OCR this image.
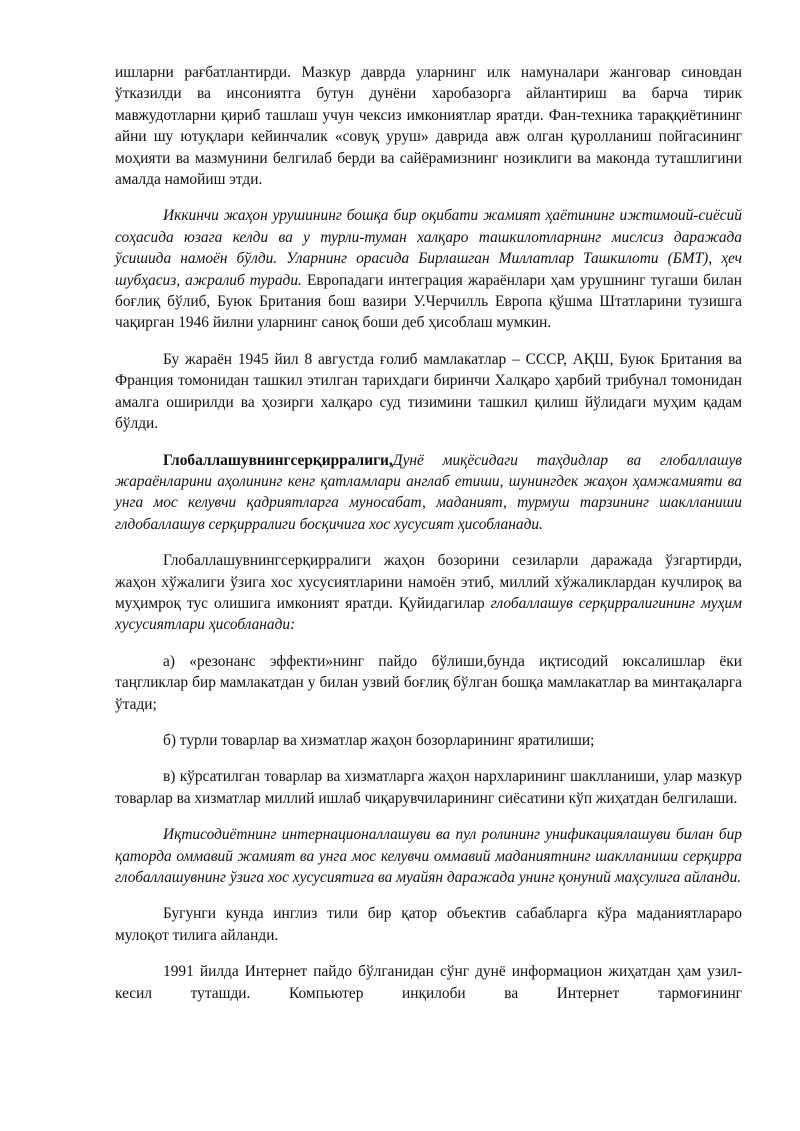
ишларни рағбатлантирди. Мазкур даврда уларнинг илк намуналари жанговар синовдан ўтказилди ва инсониятга бутун дунёни харобазорга айлантириш ва барча тирик мавжудотларни қириб ташлаш учун чексиз имкониятлар яратди. Фан-техника тараққиётининг айни шу ютуқлари кейинчалик «совуқ уруш» даврида авж олган қуролланиш пойгасининг моҳияти ва мазмунини белгилаб берди ва сайёрамизнинг нозиклиги ва маконда туташлигини амалда намойиш этди.

Иккинчи жаҳон урушининг бошқа бир оқибати жамият ҳаётининг ижтимоий-сиёсий соҳасида юзага келди ва у турли-туман халқаро ташкилотларнинг мислсиз даражада ўсишида намоён бўлди. Уларнинг орасида Бирлашган Миллатлар Ташкилоти (БМТ), ҳеч шубҳасиз, ажралиб туради. Европадаги интеграция жараёнлари ҳам урушнинг тугаши билан боғлиқ бўлиб, Буюк Британия бош вазири У.Черчилль Европа қўшма Штатларини тузишга чақирган 1946 йилни уларнинг саноқ боши деб ҳисоблаш мумкин.

Бу жараён 1945 йил 8 августда ғолиб мамлакатлар – СССР, АҚШ, Буюк Британия ва Франция томонидан ташкил этилган тарихдаги биринчи Халқаро ҳарбий трибунал томонидан амалга оширилди ва ҳозирги халқаро суд тизимини ташкил қилиш йўлидаги муҳим қадам бўлди.

Глобаллашувнингсерқирралиги,Дунё миқёсидаги таҳдидлар ва глобаллашув жараёнларини аҳолининг кенг қатламлари англаб етиши, шунингдек жаҳон ҳамжамияти ва унга мос келувчи қадриятларга муносабат, маданият, турмуш тарзининг шаклланиши глдобаллашув серқирралиги босқичига хос хусусият ҳисобланади.

Глобаллашувнингсерқирралиги жаҳон бозорини сезиларли даражада ўзгартирди, жаҳон хўжалиги ўзига хос хусусиятларини намоён этиб, миллий хўжаликлардан кучлироқ ва муҳимроқ тус олишига имконият яратди. Қуйидагилар глобаллашув серқирралигининг муҳим хусусиятлари ҳисобланади:

а) «резонанс эффекти»нинг пайдо бўлиши,бунда иқтисодий юксалишлар ёки таңгликлар бир мамлакатдан у билан узвий боғлиқ бўлган бошқа мамлакатлар ва минтақаларга ўтади;

б) турли товарлар ва хизматлар жаҳон бозорларининг яратилиши;

в) кўрсатилган товарлар ва хизматларга жаҳон нархларининг шаклланиши, улар мазкур товарлар ва хизматлар миллий ишлаб чиқарувчиларининг сиёсатини кўп жиҳатдан белгилаши.

Иқтисодиётнинг интернационаллашуви ва пул ролининг унификациялашуви билан бир қаторда оммавий жамият ва унга мос келувчи оммавий маданиятнинг шаклланиши серқирра глобаллашувнинг ўзига хос хусусиятига ва муайян даражада унинг қонуний маҳсулига айланди.

Бугунги кунда инглиз тили бир қатор объектив сабабларга кўра маданиятлараро мулоқот тилига айланди.

1991 йилда Интернет пайдо бўлганидан сўнг дунё информацион жиҳатдан ҳам узил-кесил туташди. Компьютер инқилоби ва Интернет тармоғининг
